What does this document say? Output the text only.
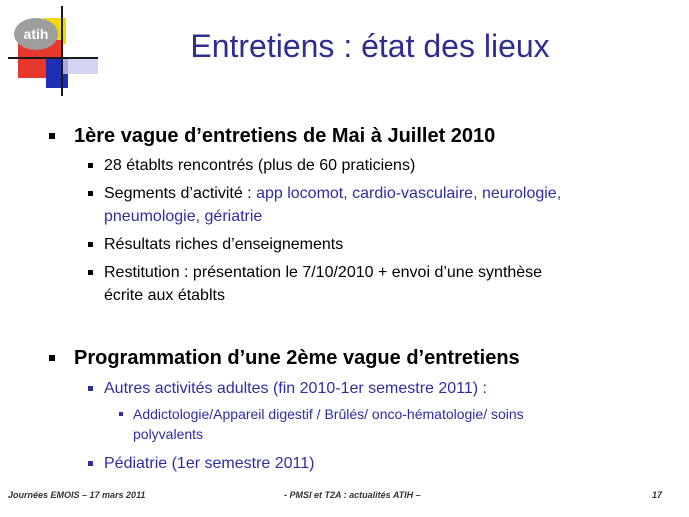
atih	Entretiens : état des lieux
1ère vague d’entretiens de Mai à Juillet 2010
28 établts rencontrés (plus de 60 praticiens)
Segments d’activité : app locomot, cardio-vasculaire, neurologie,
pneumologie, gériatrie
Résultats riches d’enseignements
Restitution : présentation le 7/10/2010 + envoi d’une synthèse
écrite aux établts
Programmation d’une 2ème vague d’entretiens
Autres activités adultes (fin 2010-1er semestre 2011) :
Addictologie/Appareil digestif / Brûlés/ onco-hématologie/ soins
polyvalents
Pédiatrie (1er semestre 2011)
Journées EMOIS – 17 mars 2011	- PMSI et T2A : actualités ATIH –	17
